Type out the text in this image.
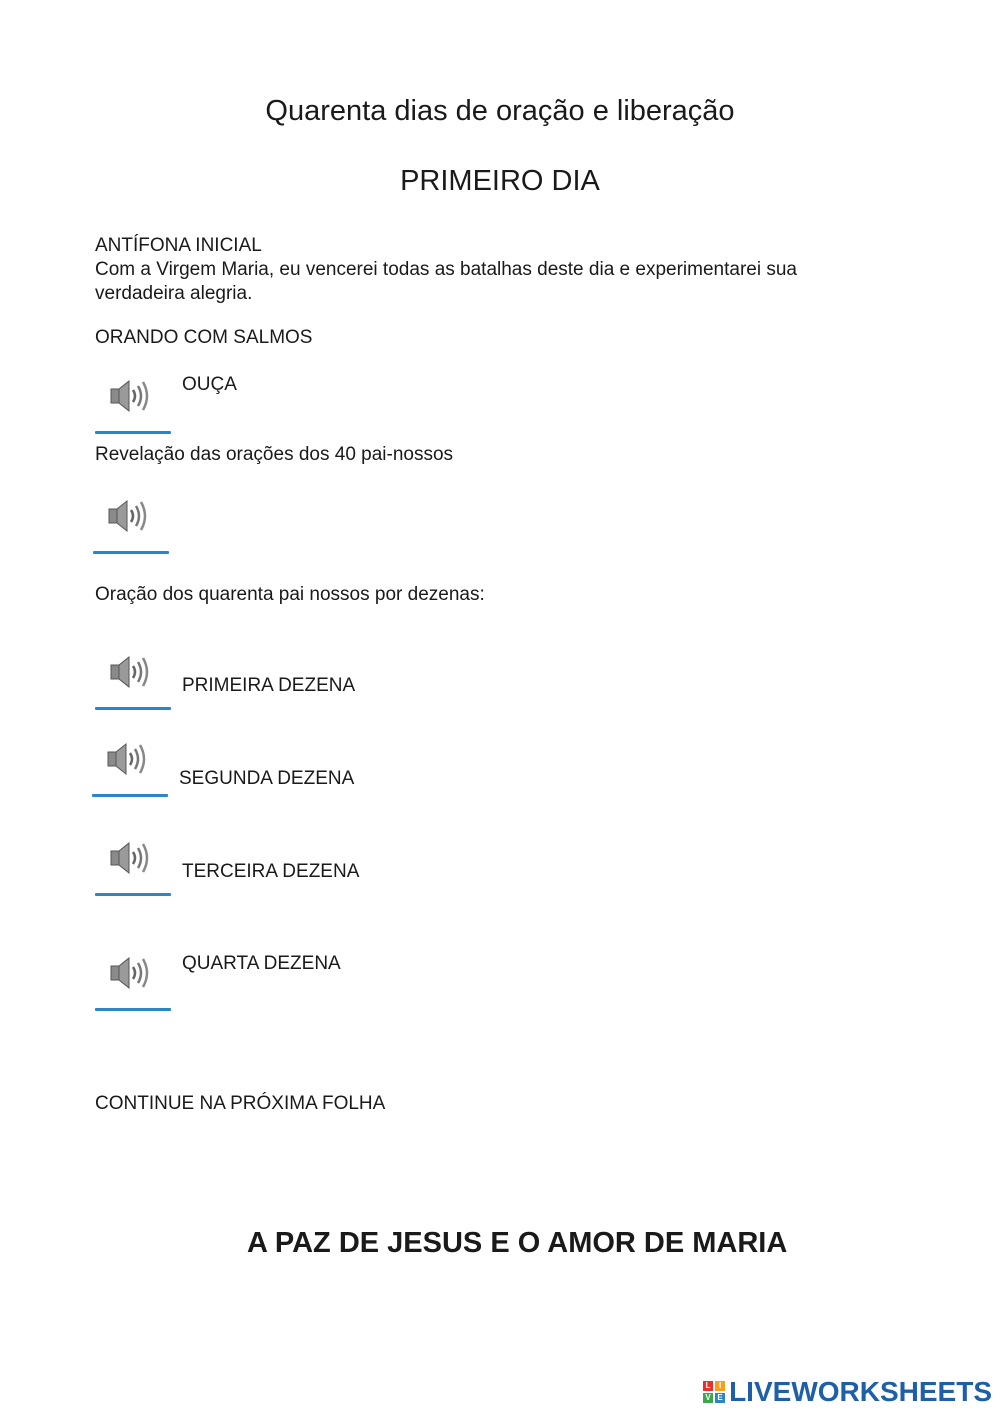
Quarenta dias de oração e liberação
PRIMEIRO DIA
ANTÍFONA INICIAL
Com a Virgem Maria, eu vencerei todas as batalhas deste dia e experimentarei sua
verdadeira alegria.
ORANDO COM SALMOS
OUÇA
Revelação das orações dos 40 pai-nossos
Oração dos quarenta pai nossos por dezenas:
PRIMEIRA DEZENA
SEGUNDA DEZENA
TERCEIRA DEZENA
QUARTA DEZENA
CONTINUE NA PRÓXIMA FOLHA
A PAZ DE JESUS E O AMOR DE MARIA
L	I
V E LIVEWORKSHEETS
